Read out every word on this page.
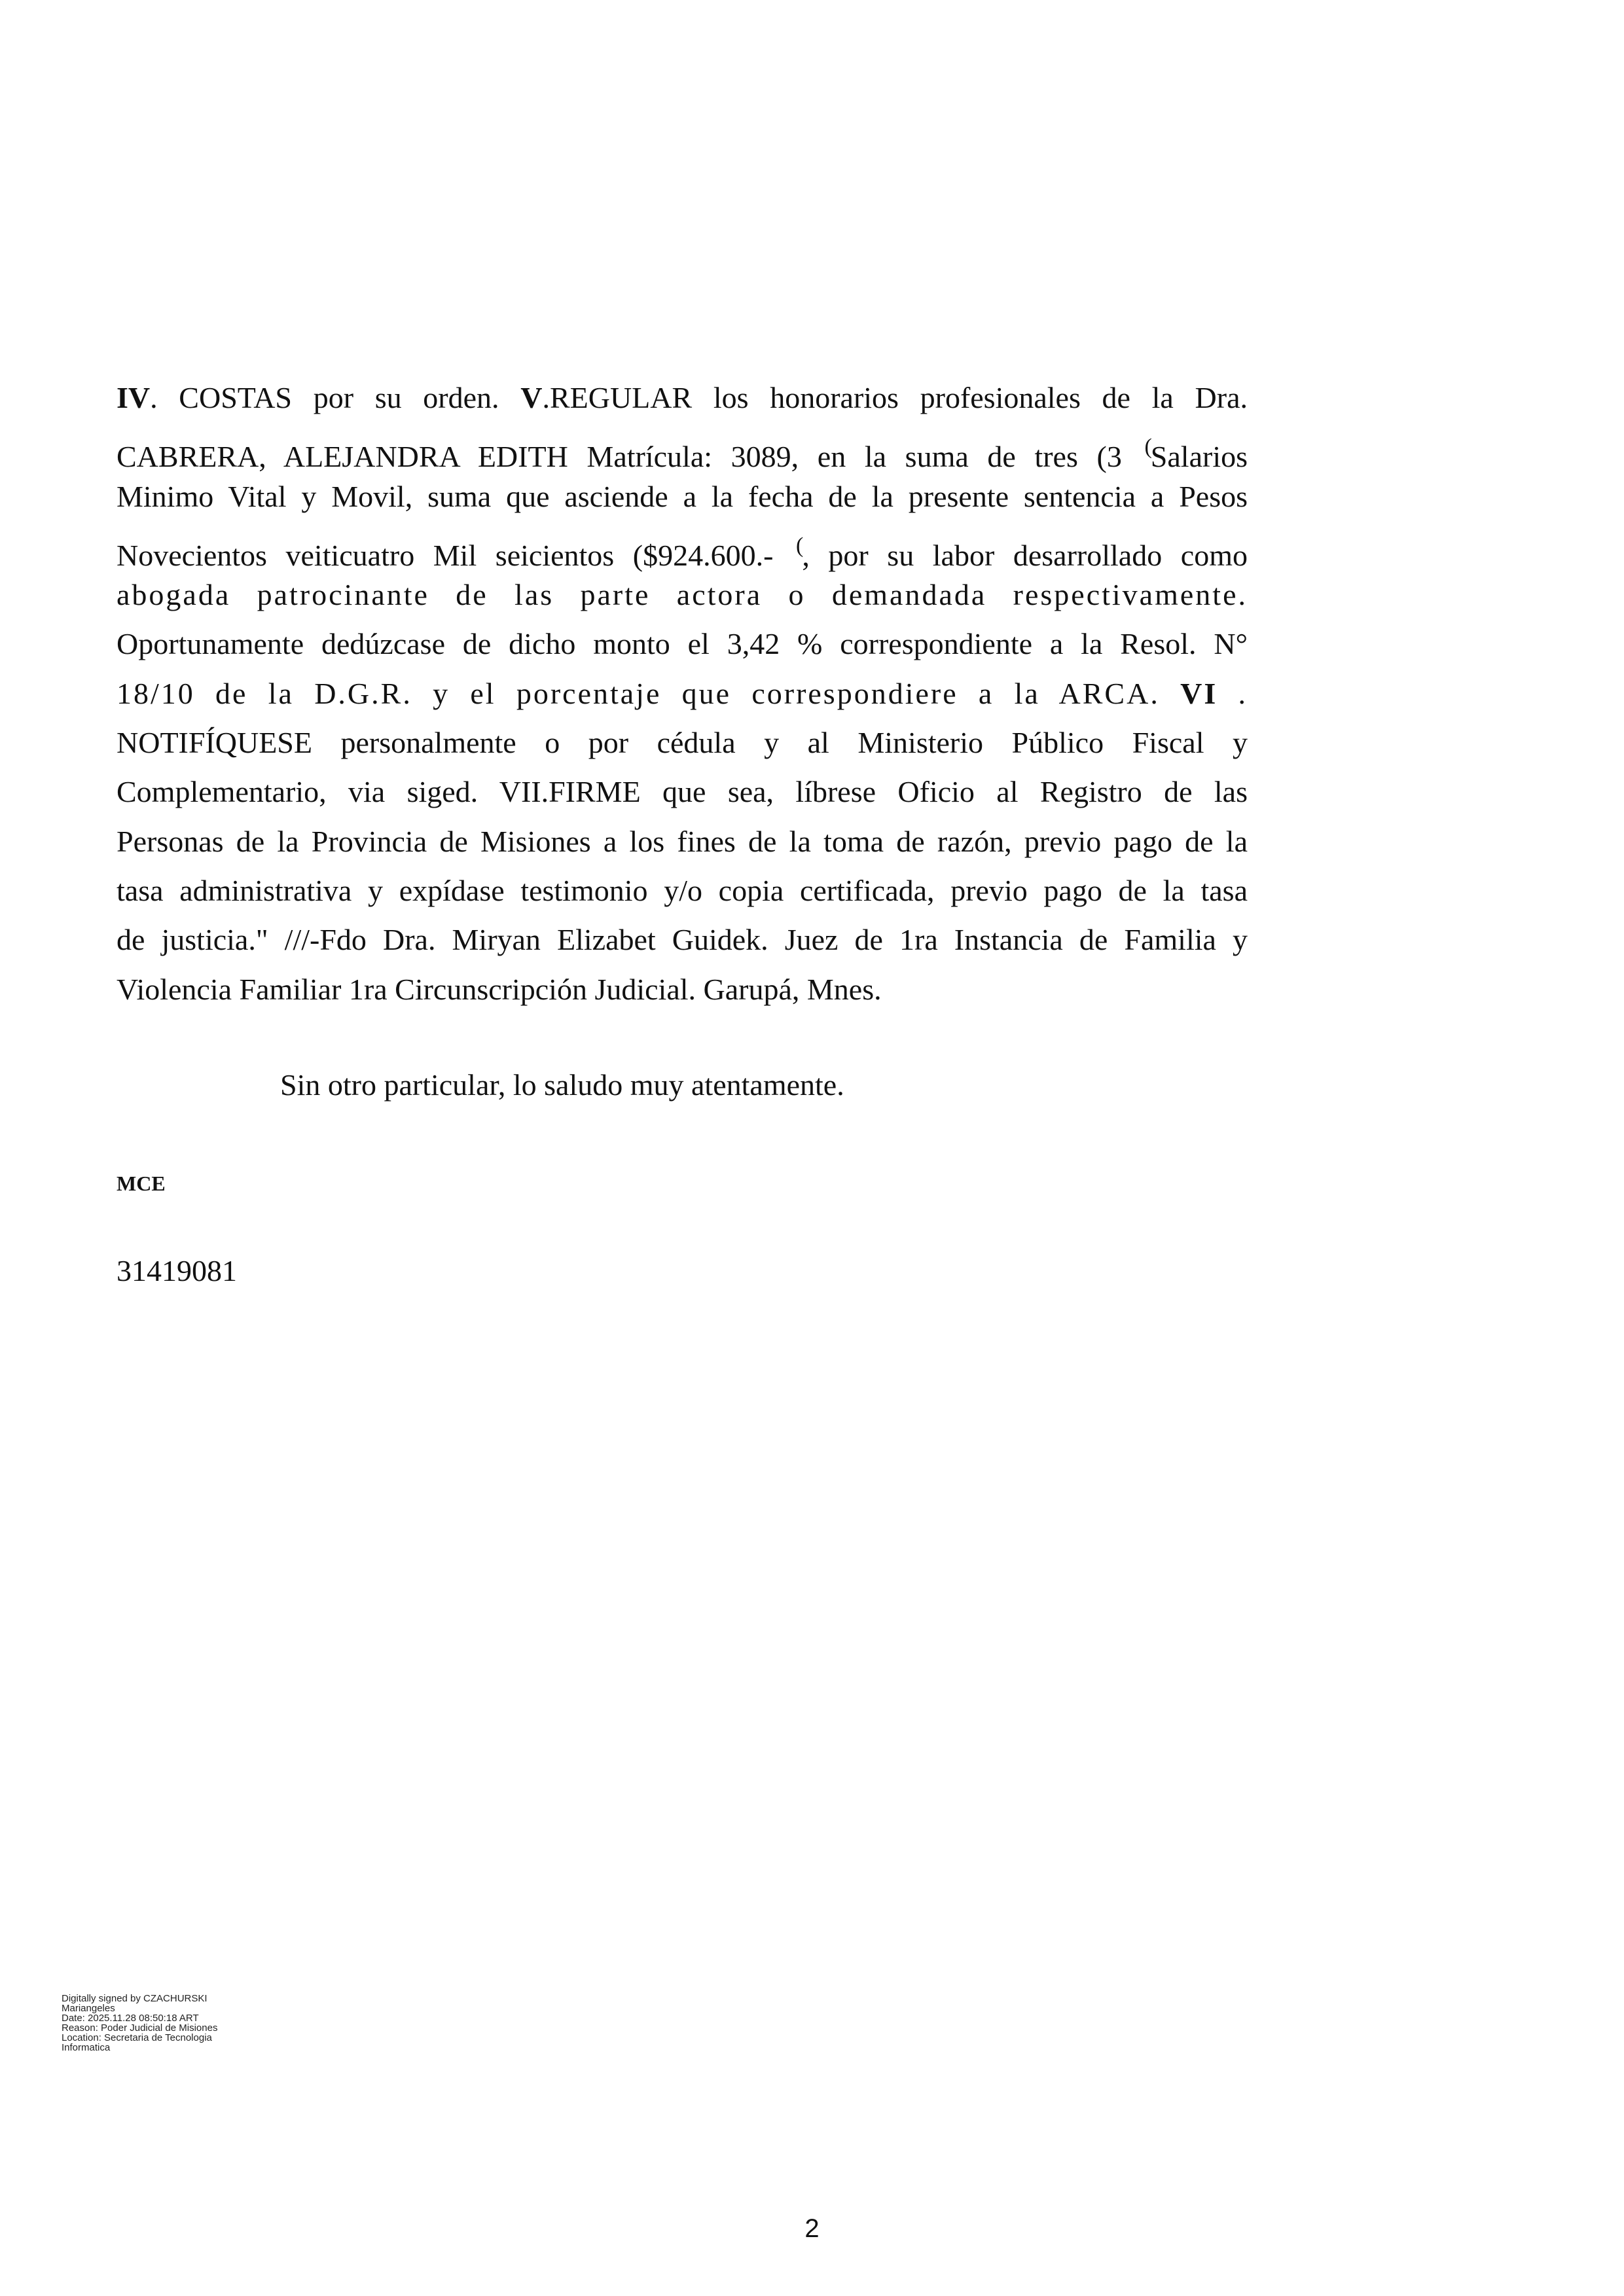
IV. COSTAS por su orden. V.REGULAR los honorarios profesionales de la Dra.
CABRERA, ALEJANDRA EDITH Matrícula: 3089, en la suma de tres (3 (Salarios
Minimo Vital y Movil, suma que asciende a la fecha de la presente sentencia a Pesos
Novecientos veiticuatro Mil seicientos ($924.600.- (, por su labor desarrollado como
abogada patrocinante de las parte actora o demandada respectivamente.
Oportunamente dedúzcase de dicho monto el 3,42 % correspondiente a la Resol. N°
18/10 de la D.G.R. y el porcentaje que correspondiere a la ARCA. VI .
NOTIFÍQUESE personalmente o por cédula y al Ministerio Público Fiscal y
Complementario, via siged. VII.FIRME que sea, líbrese Oficio al Registro de las
Personas de la Provincia de Misiones a los fines de la toma de razón, previo pago de la
tasa administrativa y expídase testimonio y/o copia certificada, previo pago de la tasa
de justicia." ///-Fdo Dra. Miryan Elizabet Guidek. Juez de 1ra Instancia de Familia y
Violencia Familiar 1ra Circunscripción Judicial. Garupá, Mnes.
Sin otro particular, lo saludo muy atentamente.
MCE
31419081
Digitally signed by CZACHURSKI
Mariangeles
Date: 2025.11.28 08:50:18 ART
Reason: Poder Judicial de Misiones
Location: Secretaria de Tecnologia
Informatica
2
